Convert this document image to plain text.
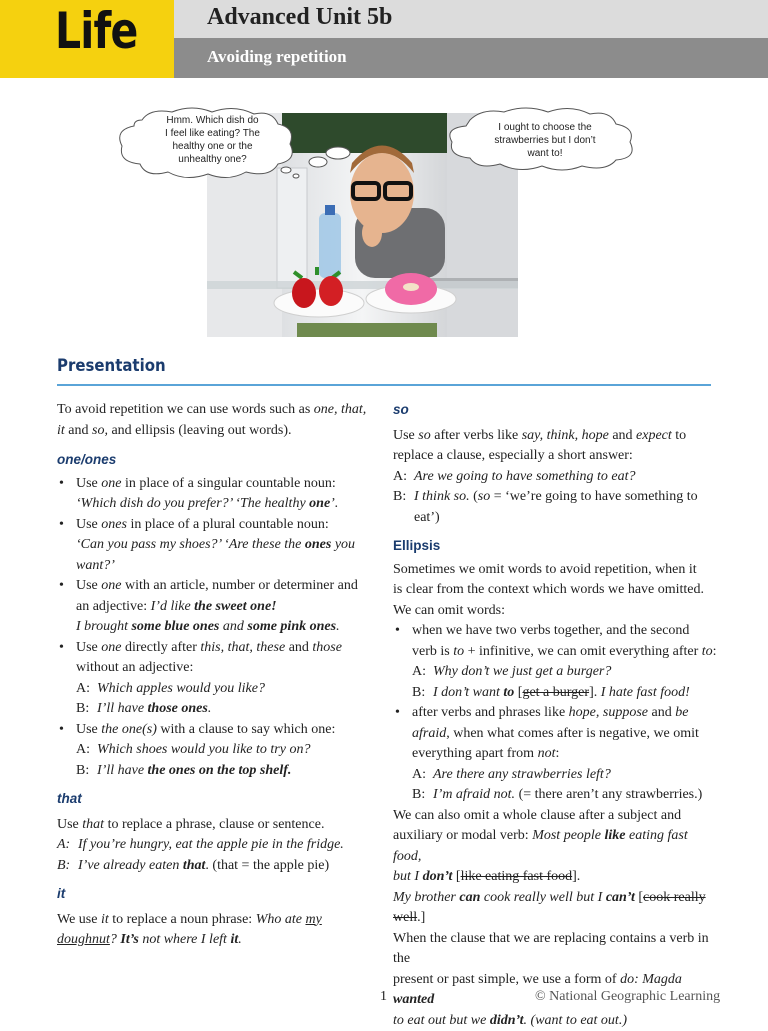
Life	Advanced Unit 5b
Avoiding repetition
Hmm. Which dish do
I feel like eating? The
healthy one or the
unhealthy one?
I ought to choose the
strawberries but I don’t
want to!
Presentation

To avoid repetition we can use words such as one, that,
it and so, and ellipsis (leaving out words).

one/ones

• Use one in place of a singular countable noun:
‘Which dish do you prefer?’ ‘The healthy one’.
• Use ones in place of a plural countable noun:
‘Can you pass my shoes?’ ‘Are these the ones you want?’
• Use one with an article, number or determiner and
an adjective: I’d like the sweet one!
I brought some blue ones and some pink ones.
• Use one directly after this, that, these and those
without an adjective:
A: Which apples would you like?
B: I’ll have those ones.
• Use the one(s) with a clause to say which one:
A: Which shoes would you like to try on?
B: I’ll have the ones on the top shelf.

that

Use that to replace a phrase, clause or sentence.

A: If you’re hungry, eat the apple pie in the fridge.
B: I’ve already eaten that. (that = the apple pie)

it

We use it to replace a noun phrase: Who ate my
doughnut? It’s not where I left it.

so

Use so after verbs like say, think, hope and expect to
replace a clause, especially a short answer:

A: Are we going to have something to eat?
B: I think so. (so = ‘we’re going to have something to eat’)

Ellipsis

Sometimes we omit words to avoid repetition, when it
is clear from the context which words we have omitted.
We can omit words:

• when we have two verbs together, and the second
verb is to + infinitive, we can omit everything after to:
A: Why don’t we just get a burger?
B: I don’t want to [get a burger]. I hate fast food!
• after verbs and phrases like hope, suppose and be
afraid, when what comes after is negative, we omit
everything apart from not:
A: Are there any strawberries left?
B: I’m afraid not. (= there aren’t any strawberries.)

We can also omit a whole clause after a subject and
auxiliary or modal verb: Most people like eating fast food,
but I don’t [like eating fast food].
My brother can cook really well but I can’t [cook really
well.]

When the clause that we are replacing contains a verb in the
present or past simple, we use a form of do: Magda wanted
to eat out but we didn’t. (want to eat out.)

1	© National Geographic Learning
